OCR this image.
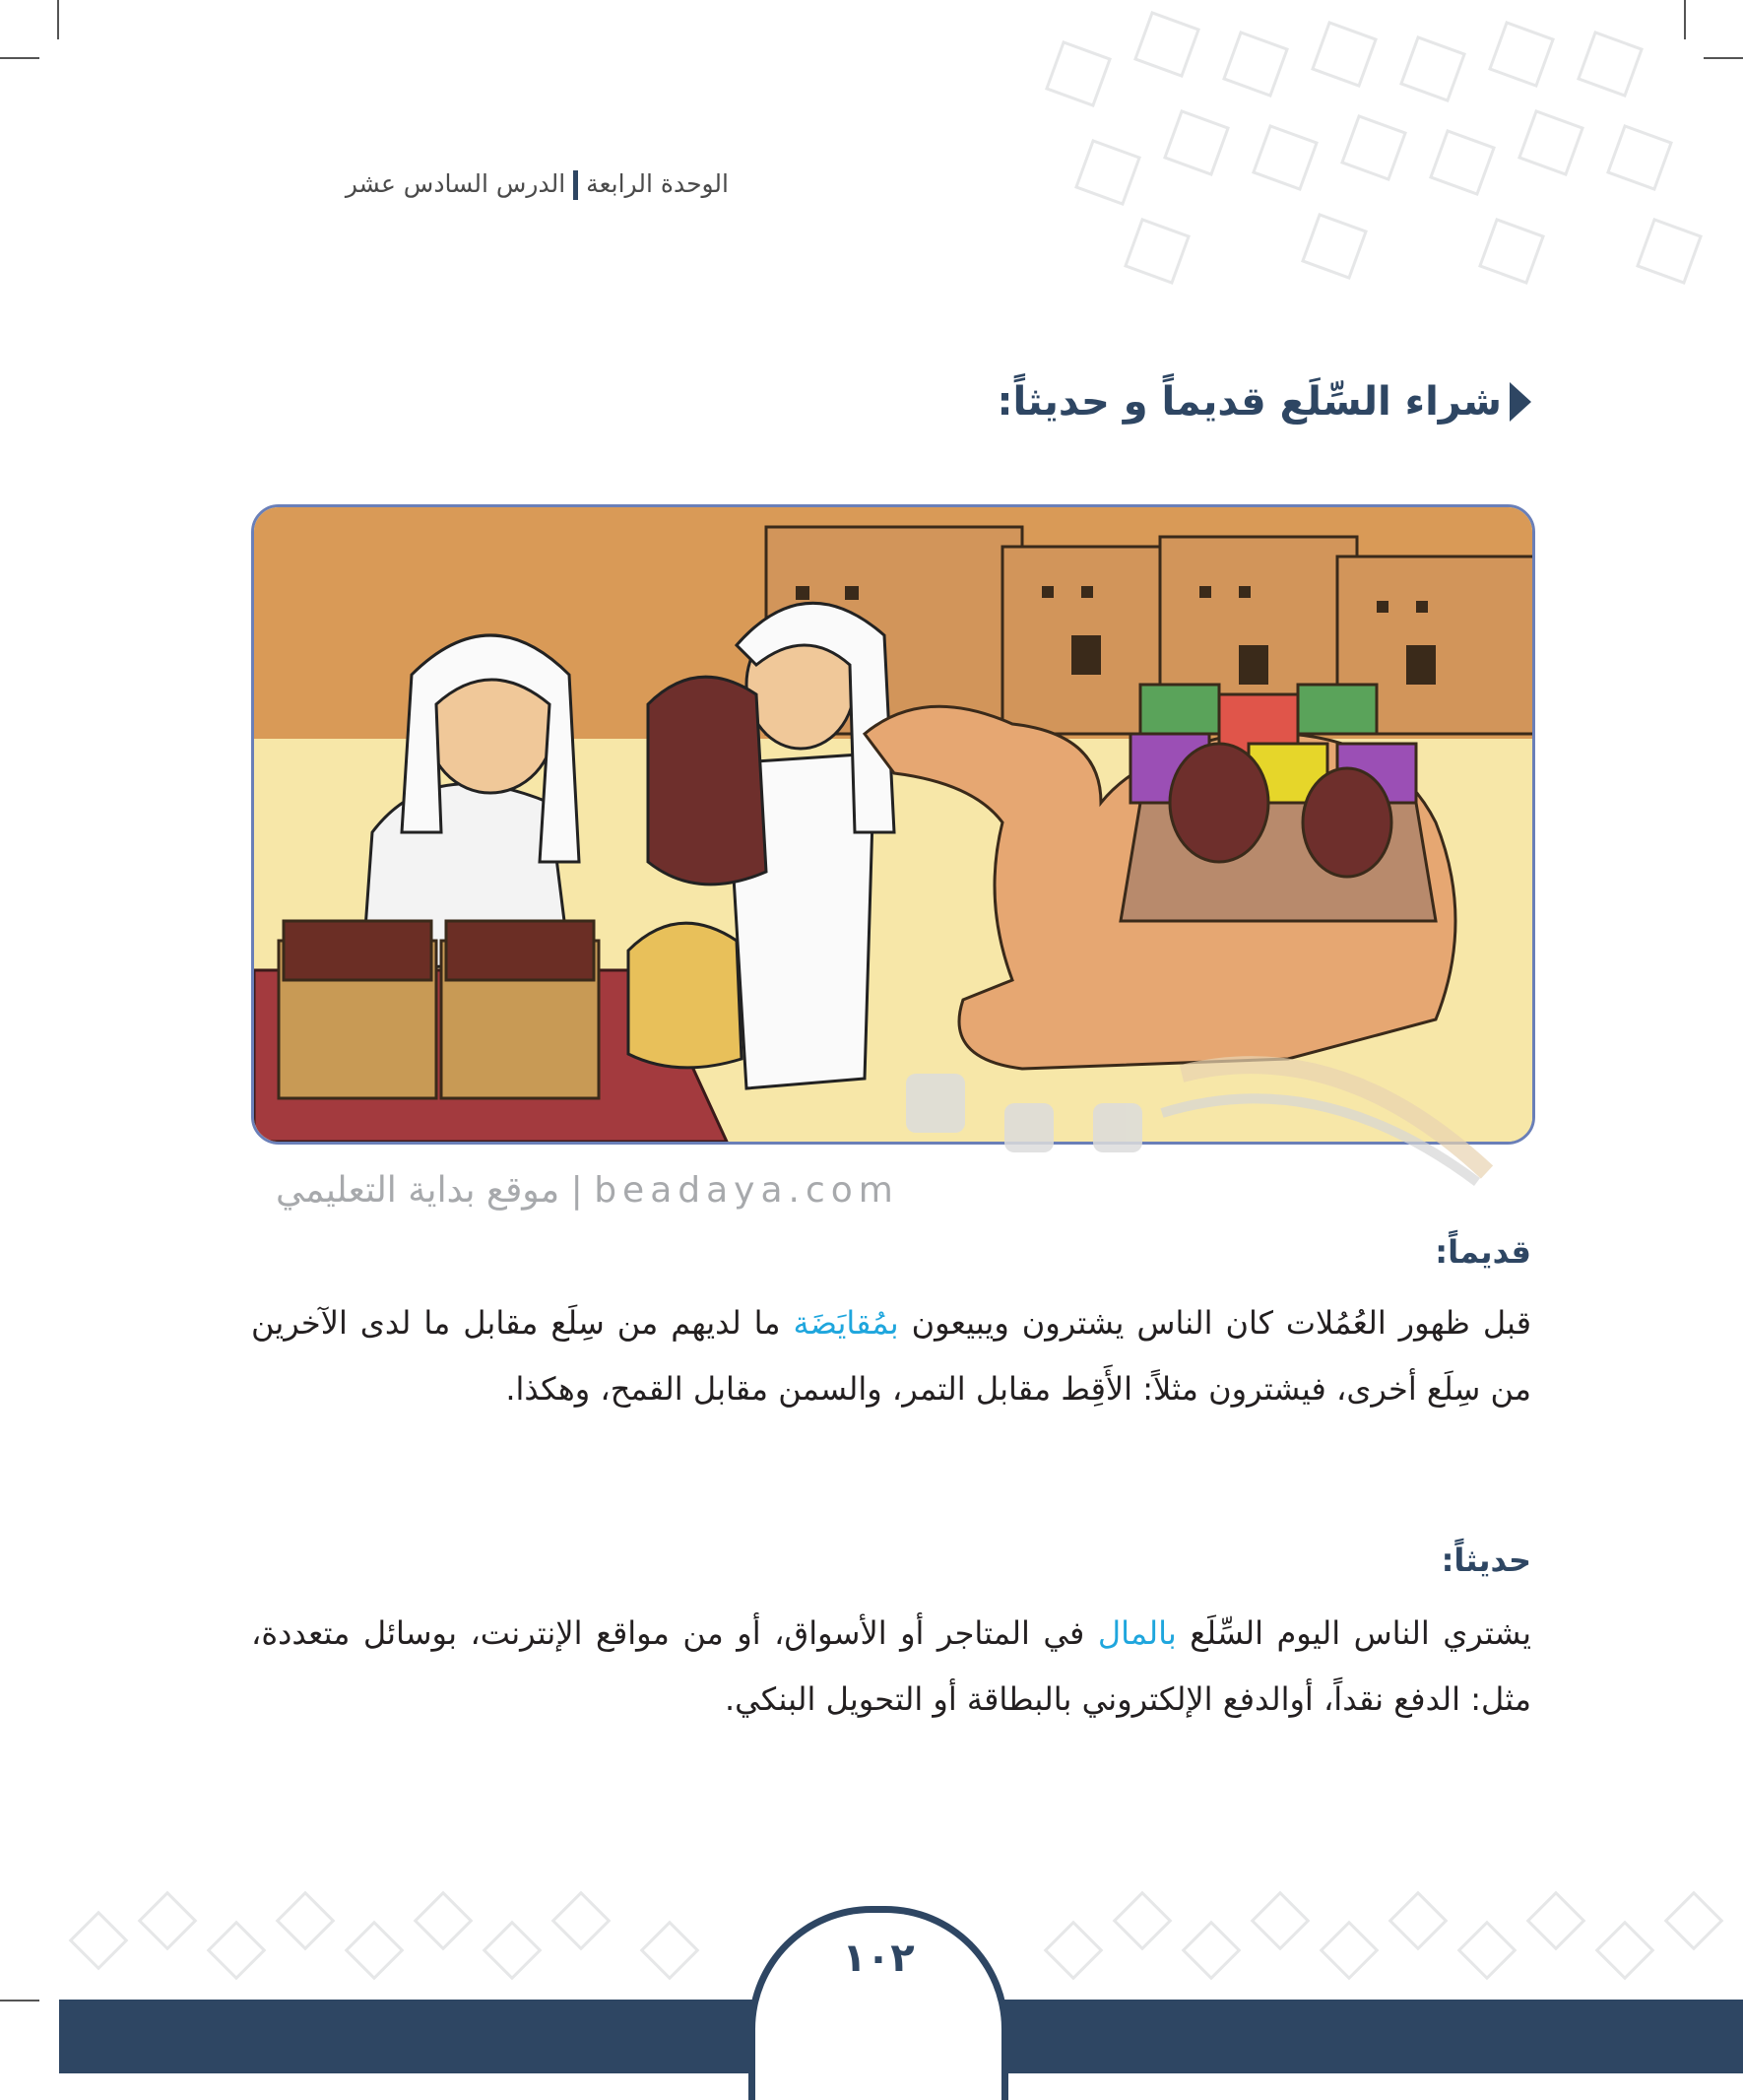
الوحدة الرابعةالدرس السادس عشر
شراء السِّلَع قديماً و حديثاً:
موقع بداية التعليمي | beadaya.com
قديماً:
قبل ظهور العُمُلات كان الناس يشترون ويبيعون بمُقايَضَة ما لديهم من سِلَع مقابل ما لدى الآخرين من سِلَع أخرى، فيشترون مثلاً: الأَقِط مقابل التمر، والسمن مقابل القمح، وهكذا.
حديثاً:
يشتري الناس اليوم السِّلَع بالمال في المتاجر أو الأسواق، أو من مواقع الإنترنت، بوسائل متعددة، مثل: الدفع نقداً، أوالدفع الإلكتروني بالبطاقة أو التحويل البنكي.
١٠٢
